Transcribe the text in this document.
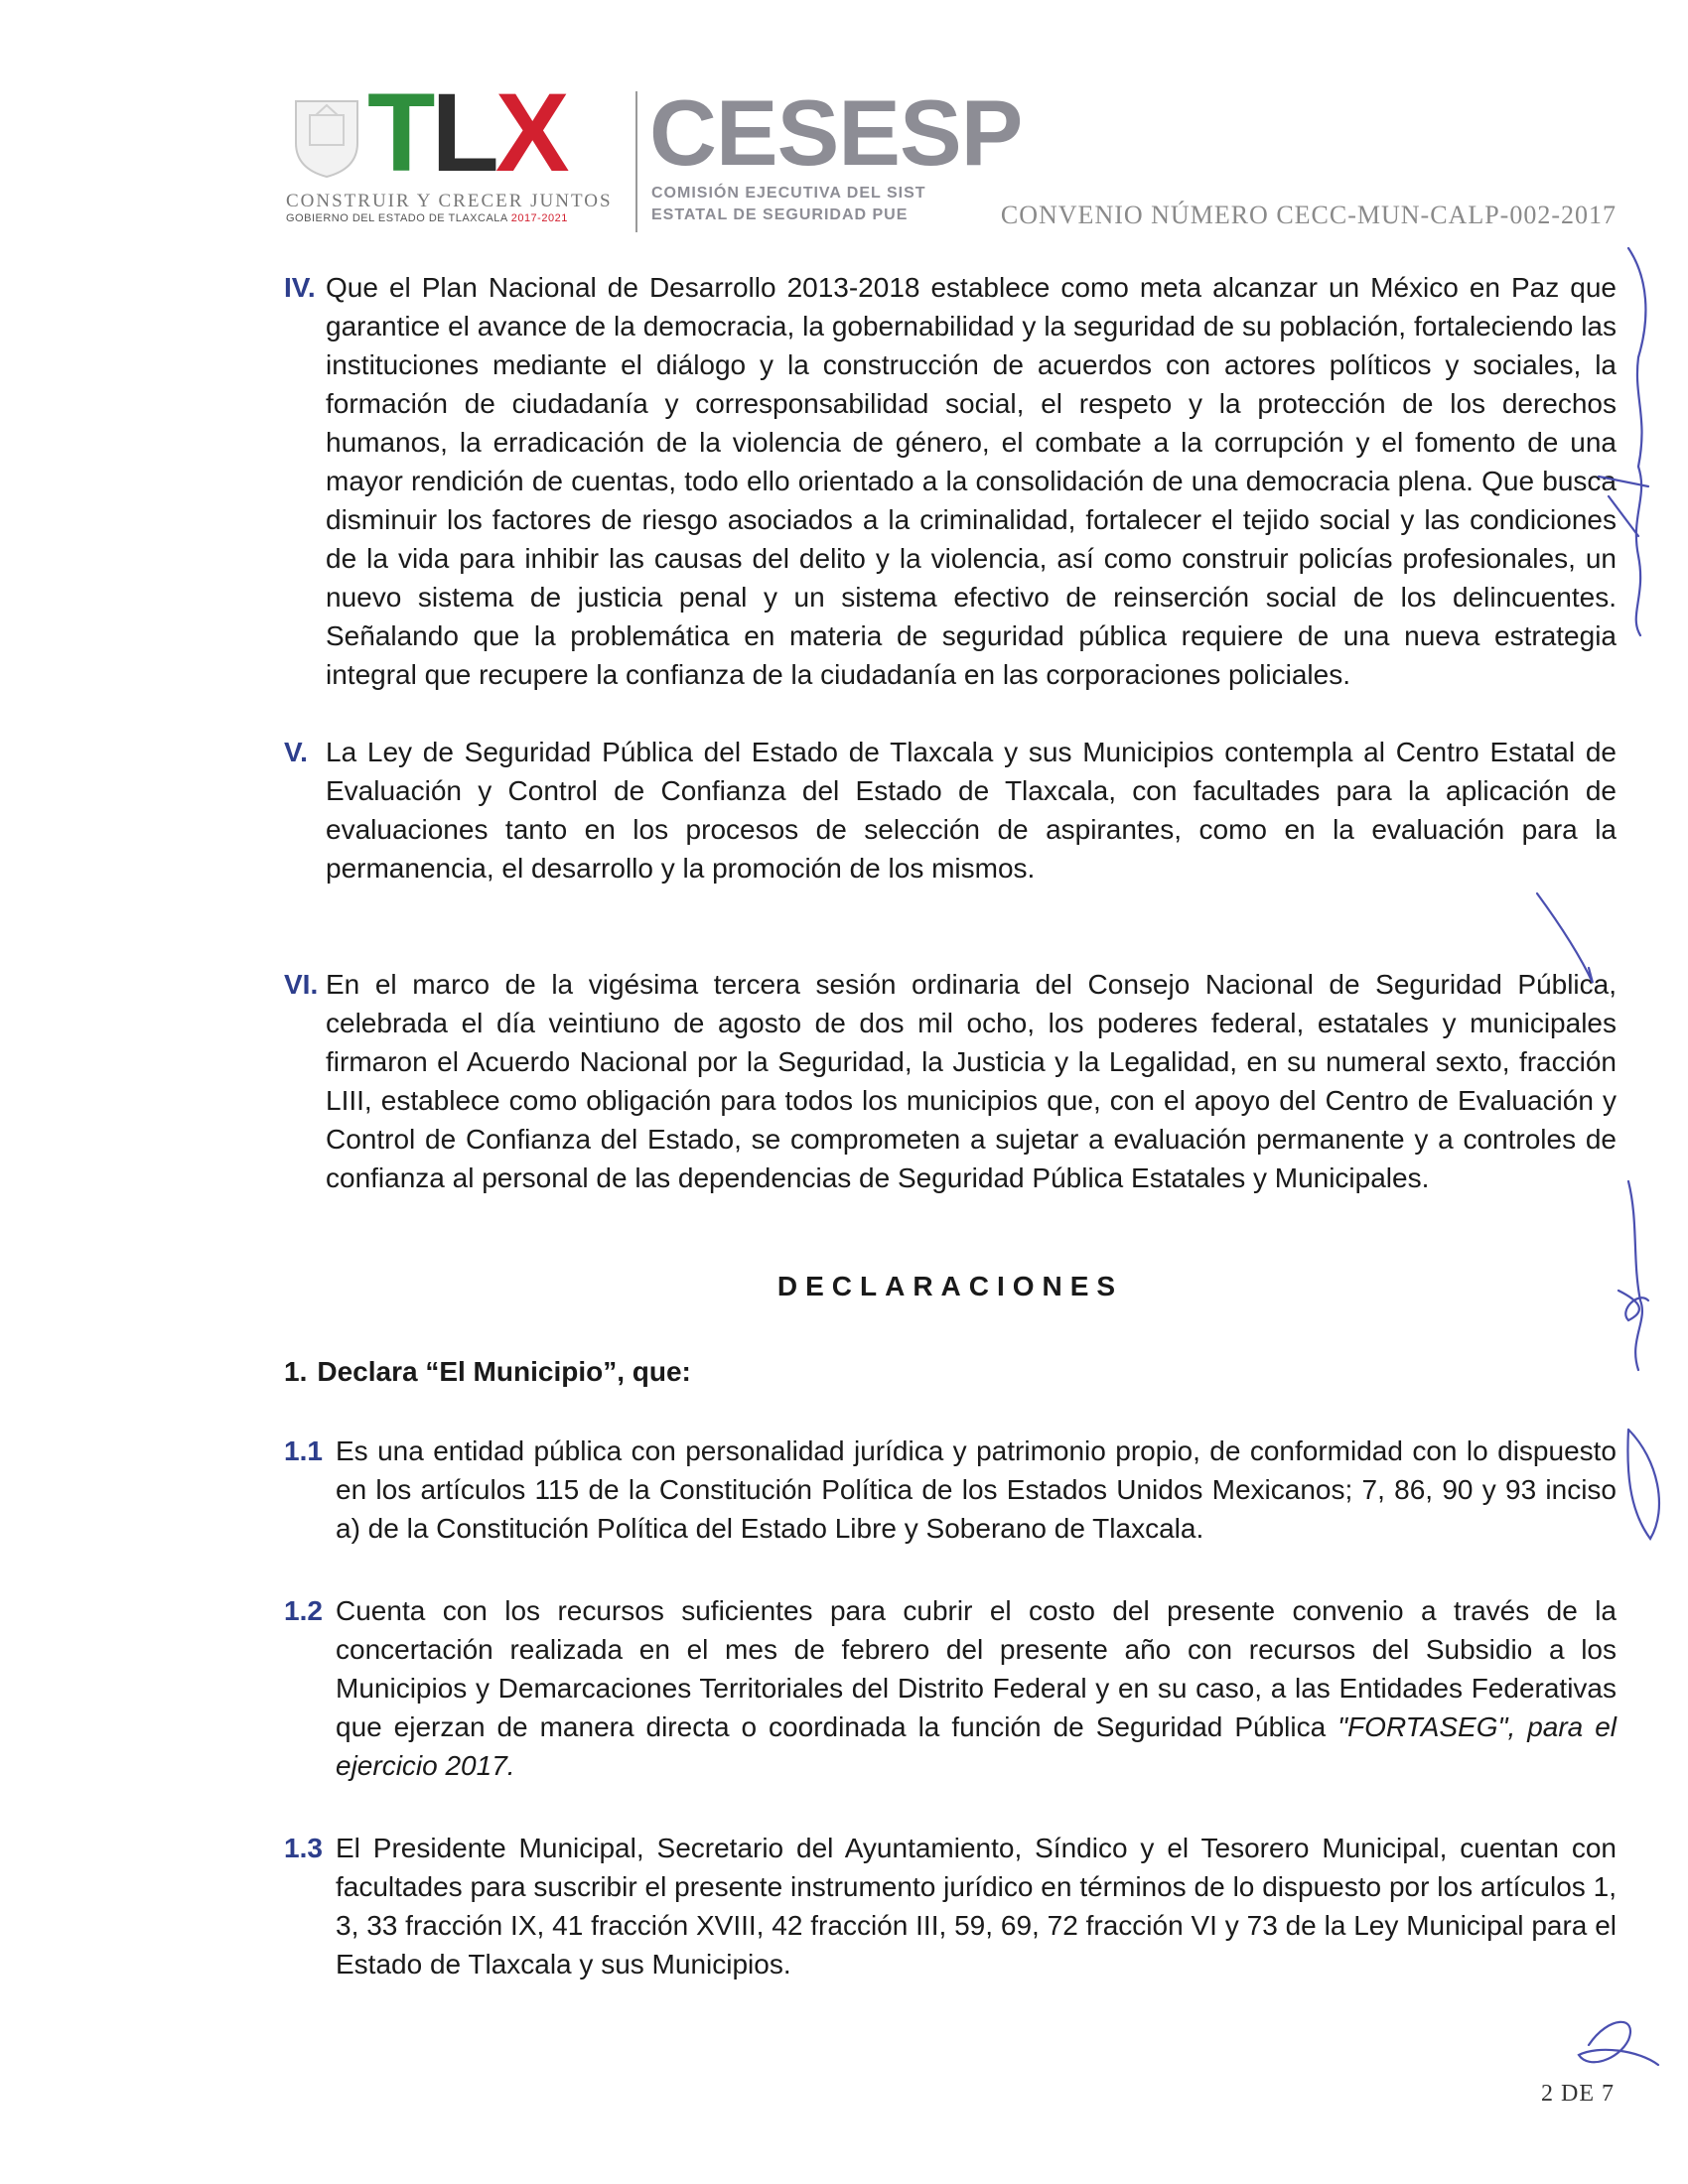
TLX
CONSTRUIR Y CRECER JUNTOS
GOBIERNO DEL ESTADO DE TLAXCALA 2017-2021
CESESP
COMISIÓN EJECUTIVA DEL SIST
ESTATAL DE SEGURIDAD PUE	CONVENIO NÚMERO CECC-MUN-CALP-002-2017
IV. Que el Plan Nacional de Desarrollo 2013-2018 establece como meta alcanzar un México en Paz que garantice el avance de la democracia, la gobernabilidad y la seguridad de su población, fortaleciendo las instituciones mediante el diálogo y la construcción de acuerdos con actores políticos y sociales, la formación de ciudadanía y corresponsabilidad social, el respeto y la protección de los derechos humanos, la erradicación de la violencia de género, el combate a la corrupción y el fomento de una mayor rendición de cuentas, todo ello orientado a la consolidación de una democracia plena. Que busca disminuir los factores de riesgo asociados a la criminalidad, fortalecer el tejido social y las condiciones de la vida para inhibir las causas del delito y la violencia, así como construir policías profesionales, un nuevo sistema de justicia penal y un sistema efectivo de reinserción social de los delincuentes. Señalando que la problemática en materia de seguridad pública requiere de una nueva estrategia integral que recupere la confianza de la ciudadanía en las corporaciones policiales.
V. La Ley de Seguridad Pública del Estado de Tlaxcala y sus Municipios contempla al Centro Estatal de Evaluación y Control de Confianza del Estado de Tlaxcala, con facultades para la aplicación de evaluaciones tanto en los procesos de selección de aspirantes, como en la evaluación para la permanencia, el desarrollo y la promoción de los mismos.
VI. En el marco de la vigésima tercera sesión ordinaria del Consejo Nacional de Seguridad Pública, celebrada el día veintiuno de agosto de dos mil ocho, los poderes federal, estatales y municipales firmaron el Acuerdo Nacional por la Seguridad, la Justicia y la Legalidad, en su numeral sexto, fracción LIII, establece como obligación para todos los municipios que, con el apoyo del Centro de Evaluación y Control de Confianza del Estado, se comprometen a sujetar a evaluación permanente y a controles de confianza al personal de las dependencias de Seguridad Pública Estatales y Municipales.
DECLARACIONES
1. Declara “El Municipio”, que:
1.1 Es una entidad pública con personalidad jurídica y patrimonio propio, de conformidad con lo dispuesto en los artículos 115 de la Constitución Política de los Estados Unidos Mexicanos; 7, 86, 90 y 93 inciso a) de la Constitución Política del Estado Libre y Soberano de Tlaxcala.
1.2 Cuenta con los recursos suficientes para cubrir el costo del presente convenio a través de la concertación realizada en el mes de febrero del presente año con recursos del Subsidio a los Municipios y Demarcaciones Territoriales del Distrito Federal y en su caso, a las Entidades Federativas que ejerzan de manera directa o coordinada la función de Seguridad Pública "FORTASEG", para el ejercicio 2017.
1.3 El Presidente Municipal, Secretario del Ayuntamiento, Síndico y el Tesorero Municipal, cuentan con facultades para suscribir el presente instrumento jurídico en términos de lo dispuesto por los artículos 1, 3, 33 fracción IX, 41 fracción XVIII, 42 fracción III, 59, 69, 72 fracción VI y 73 de la Ley Municipal para el Estado de Tlaxcala y sus Municipios.
2 DE 7
